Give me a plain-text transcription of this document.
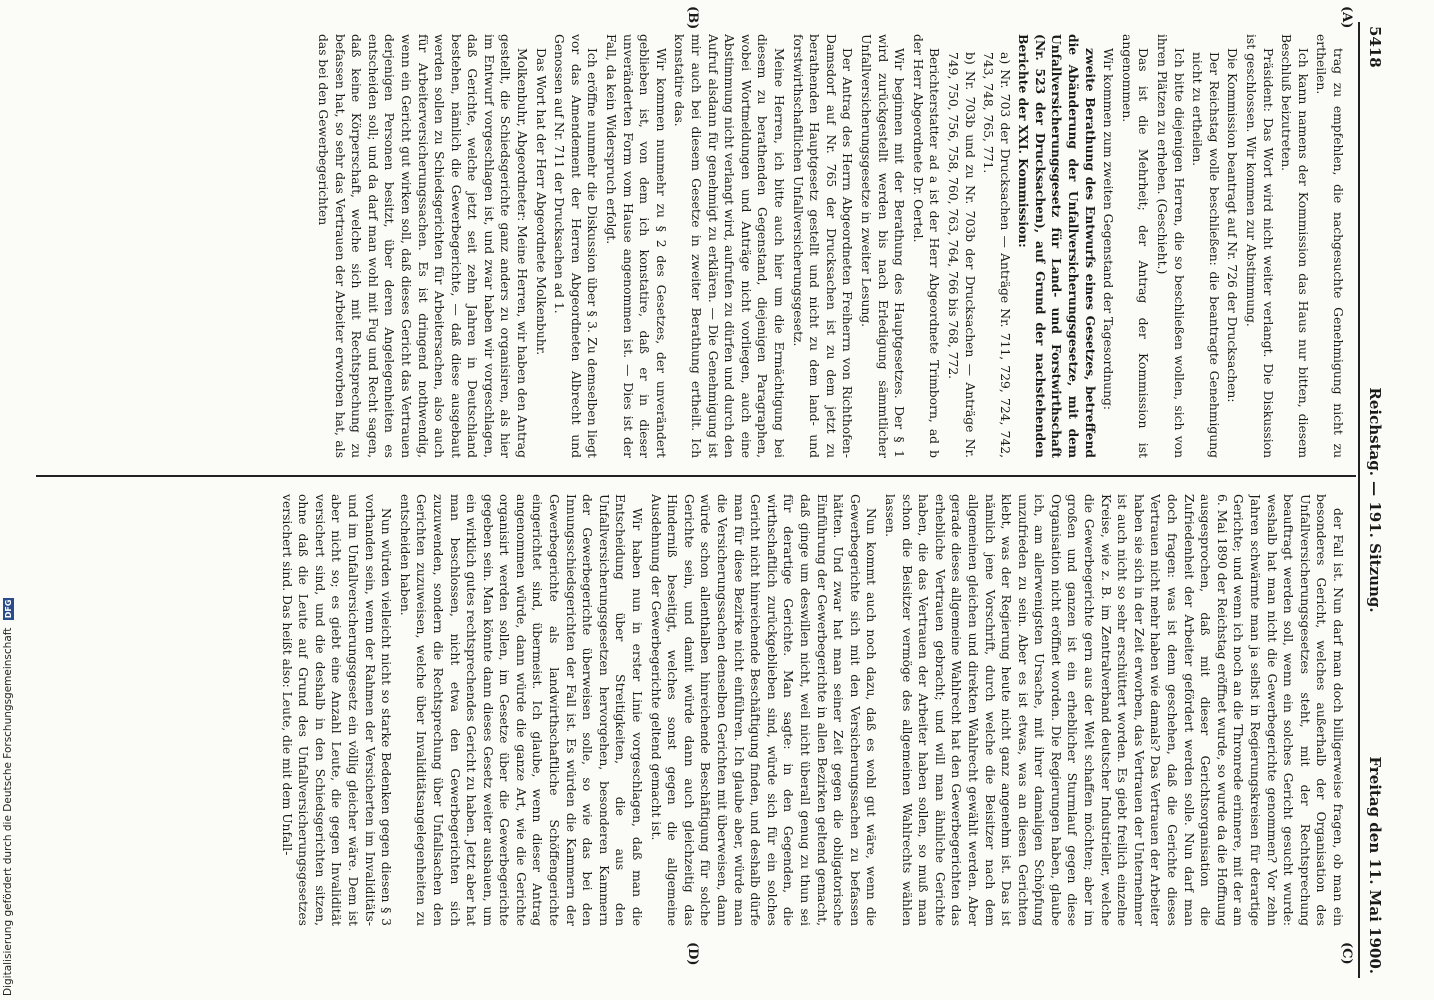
5418
Reichstag. — 191. Sitzung.
Freitag den 11. Mai 1900.
(A)
(B)
(C)
(D)

trag zu empfehlen, die nachgesuchte Genehmigung nicht zu ertheilen.

Ich kann namens der Kommission das Haus nur bitten, diesem Beschluß beizutreten.

Präsident: Das Wort wird nicht weiter verlangt. Die Diskussion ist geschlossen. Wir kommen zur Abstimmung.

Die Kommission beantragt auf Nr. 726 der Drucksachen:

Der Reichstag wolle beschließen: die beantragte Genehmigung nicht zu ertheilen.

Ich bitte diejenigen Herren, die so beschließen wollen, sich von ihren Plätzen zu erheben. (Geschieht.)

Das ist die Mehrheit; der Antrag der Kommission ist angenommen.

Wir kommen zum zweiten Gegenstand der Tagesordnung:

zweite Berathung des Entwurfs eines Gesetzes, betreffend die Abänderung der Unfallversicherungsgesetze, mit dem Unfallversicherungsgesetz für Land- und Forstwirthschaft (Nr. 523 der Drucksachen), auf Grund der nachstehenden Berichte der XXI. Kommission:

a) Nr. 703 der Drucksachen — Anträge Nr. 711, 729, 724, 742, 743, 748, 765, 771.

b) Nr. 703b und zu Nr. 703b der Drucksachen — Anträge Nr. 749, 750, 756, 758, 760, 763, 764, 766 bis 768, 772.

Berichterstatter ad a ist der Herr Abgeordnete Trimborn, ad b der Herr Abgeordnete Dr. Oertel.

Wir beginnen mit der Berathung des Hauptgesetzes. Der § 1 wird zurückgestellt werden bis nach Erledigung sämmtlicher Unfallversicherungsgesetze in zweiter Lesung.

Der Antrag des Herrn Abgeordneten Freiherrn von Richthofen-Damsdorf auf Nr. 765 der Drucksachen ist zu dem jetzt zu berathenden Hauptgesetz gestellt und nicht zu dem land- und forstwirthschaftlichen Unfallversicherungsgesetz.

Meine Herren, ich bitte auch hier um die Ermächtigung bei diesem zu berathenden Gegenstand, diejenigen Paragraphen, wobei Wortmeldungen und Anträge nicht vorliegen, auch eine Abstimmung nicht verlangt wird, aufrufen zu dürfen und durch den Aufruf alsdann für genehmigt zu erklären. — Die Genehmigung ist mir auch bei diesem Gesetze in zweiter Berathung ertheilt. Ich konstatire das.

Wir kommen nunmehr zu § 2 des Gesetzes, der unverändert geblieben ist, von dem ich konstatire, daß er in dieser unveränderten Form vom Hause angenommen ist. — Dies ist der Fall, da kein Widerspruch erfolgt.

Ich eröffne nunmehr die Diskussion über § 3. Zu demselben liegt vor das Amendement der Herren Abgeordneten Albrecht und Genossen auf Nr. 711 der Drucksachen ad 1.

Das Wort hat der Herr Abgeordnete Molkenbuhr.

Molkenbuhr, Abgeordneter: Meine Herren, wir haben den Antrag gestellt, die Schiedsgerichte ganz anders zu organisiren, als hier im Entwurf vorgeschlagen ist, und zwar haben wir vorgeschlagen, daß Gerichte, welche jetzt seit zehn Jahren in Deutschland bestehen, nämlich die Gewerbegerichte, — daß diese ausgebaut werden sollen zu Schiedsgerichten für Arbeitersachen, also auch für Arbeiterversicherungssachen. Es ist dringend nothwendig, wenn ein Gericht gut wirken soll, daß dieses Gericht das Vertrauen derjenigen Personen besitzt, über deren Angelegenheiten es entscheiden soll; und da darf man wohl mit Fug und Recht sagen, daß keine Körperschaft, welche sich mit Rechtsprechung zu befassen hat, so sehr das Vertrauen der Arbeiter erworben hat, als das bei den Gewerbegerichten

der Fall ist. Nun darf man doch billigerweise fragen, ob man ein besonderes Gericht, welches außerhalb der Organisation des Unfallversicherungsgesetzes steht, mit der Rechtsprechung beauftragt werden soll, wenn ein solches Gericht gesucht wurde: weshalb hat man nicht die Gewerbegerichte genommen? Vor zehn Jahren schwärmte man ja selbst in Regierungskreisen für derartige Gerichte; und wenn ich noch an die Thronrede erinnere, mit der am 6. Mai 1890 der Reichstag eröffnet wurde, so wurde da die Hoffnung ausgesprochen, daß mit dieser Gerichtsorganisation die Zufriedenheit der Arbeiter gefördert werden solle. Nun darf man doch fragen: was ist denn geschehen, daß die Gerichte dieses Vertrauen nicht mehr haben wie damals? Das Vertrauen der Arbeiter haben sie sich in der Zeit erworben, das Vertrauen der Unternehmer ist auch nicht so sehr erschüttert worden. Es giebt freilich einzelne Kreise, wie z. B. im Zentralverband deutscher Industrieller, welche die Gewerbegerichte gern aus der Welt schaffen möchten; aber im großen und ganzen ist ein erheblicher Sturmlauf gegen diese Organisation nicht eröffnet worden. Die Regierungen haben, glaube ich, am allerwenigsten Ursache, mit ihrer damaligen Schöpfung unzufrieden zu sein. Aber es ist etwas, was an diesen Gerichten klebt, was der Regierung heute nicht ganz angenehm ist. Das ist nämlich jene Vorschrift, durch welche die Beisitzer nach dem allgemeinen gleichen und direkten Wahlrecht gewählt werden. Aber gerade dieses allgemeine Wahlrecht hat den Gewerbegerichten das erhebliche Vertrauen gebracht; und will man ähnliche Gerichte haben, die das Vertrauen der Arbeiter haben sollen, so muß man schon die Beisitzer vermöge des allgemeinen Wahlrechts wählen lassen.

Nun kommt auch noch dazu, daß es wohl gut wäre, wenn die Gewerbegerichte sich mit den Versicherungssachen zu befassen hätten. Und zwar hat man seiner Zeit gegen die obligatorische Einführung der Gewerbegerichte in allen Bezirken geltend gemacht, daß ginge um deswillen nicht, weil nicht überall genug zu thun sei für derartige Gerichte. Man sagte: in den Gegenden, die wirthschaftlich zurückgeblieben sind, würde sich für ein solches Gericht nicht hinreichende Beschäftigung finden, und deshalb dürfe man für diese Bezirke nicht einführen. Ich glaube aber, würde man die Versicherungssachen denselben Gerichten mit überweisen, dann würde schon allenthalben hinreichende Beschäftigung für solche Gerichte sein, und damit würde dann auch gleichzeitig das Hinderniß beseitigt, welches sonst gegen die allgemeine Ausdehnung der Gewerbegerichte geltend gemacht ist.

Wir haben nun in erster Linie vorgeschlagen, daß man die Entscheidung über Streitigkeiten, die aus den Unfallversicherungsgesetzen hervorgehen, besonderen Kammern der Gewerbegerichte überweisen solle, so wie das bei den Innungsschiedsgerichten der Fall ist. Es würden die Kammern der Gewerbegerichte als landwirthschaftliche Schöffengerichte eingerichtet sind, übermeist. Ich glaube, wenn dieser Antrag angenommen würde, dann würde die ganze Art, wie die Gerichte organisirt werden sollen, im Gesetze über die Gewerbegerichte gegeben sein. Man könnte dann dieses Gesetz weiter ausbauen, um ein wirklich gutes rechtsprechendes Gericht zu haben. Jetzt aber hat man beschlossen, nicht etwa den Gewerbegerichten sich zuzuwenden, sondern die Rechtsprechung über Unfallsachen den Gerichten zuzuweisen, welche über Invaliditätsangelegenheiten zu entscheiden haben.

Nun würden vielleicht nicht so starke Bedenken gegen diesen § 3 vorhanden sein, wenn der Rahmen der Versicherten im Invaliditäts- und im Unfallversicherungsgesetz ein völlig gleicher wäre. Dem ist aber nicht so; es giebt eine Anzahl Leute, die gegen Invalidität versichert sind, und die deshalb in den Schiedsgerichten sitzen, ohne daß die Leute auf Grund des Unfallversicherungsgesetzes versichert sind. Das heißt also: Leute, die mit dem Unfall-

Digitalisierung gefördert durch die Deutsche Forschungsgemeinschaft DFG
